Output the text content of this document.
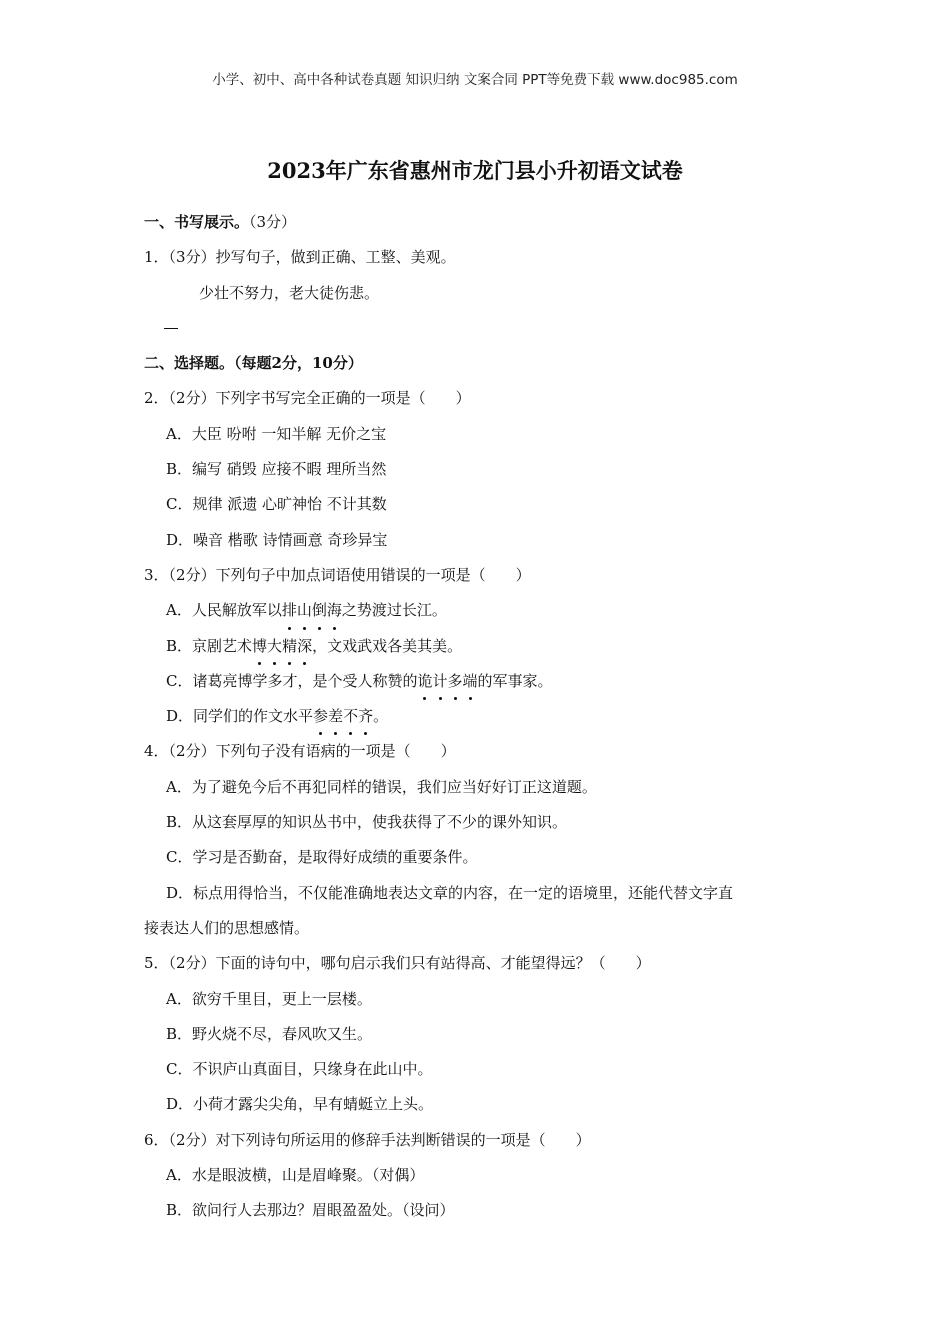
小学、初中、高中各种试卷真题 知识归纳 文案合同 PPT等免费下载 www.doc985.com
2023年广东省惠州市龙门县小升初语文试卷
一、书写展示。（3分）
1．（3分）抄写句子，做到正确、工整、美观。
少壮不努力，老大徒伤悲。
二、选择题。（每题2分，10分）
2．（2分）下列字书写完全正确的一项是（　　）
A．大臣 吩咐 一知半解 无价之宝
B．编写 硝毁 应接不暇 理所当然
C．规律 派遗 心旷神怡 不计其数
D．噪音 楷歌 诗情画意 奇珍异宝
3．（2分）下列句子中加点词语使用错误的一项是（　　）
A．人民解放军以排山倒海之势渡过长江。
B．京剧艺术博大精深，文戏武戏各美其美。
C．诸葛亮博学多才，是个受人称赞的诡计多端的军事家。
D．同学们的作文水平参差不齐。
4．（2分）下列句子没有语病的一项是（　　）
A．为了避免今后不再犯同样的错误，我们应当好好订正这道题。
B．从这套厚厚的知识丛书中，使我获得了不少的课外知识。
C．学习是否勤奋，是取得好成绩的重要条件。
D．标点用得恰当，不仅能准确地表达文章的内容，在一定的语境里，还能代替文字直
接表达人们的思想感情。
5．（2分）下面的诗句中，哪句启示我们只有站得高、才能望得远？（　　）
A．欲穷千里目，更上一层楼。
B．野火烧不尽，春风吹又生。
C．不识庐山真面目，只缘身在此山中。
D．小荷才露尖尖角，早有蜻蜓立上头。
6．（2分）对下列诗句所运用的修辞手法判断错误的一项是（　　）
A．水是眼波横，山是眉峰聚。（对偶）
B．欲问行人去那边？眉眼盈盈处。（设问）
